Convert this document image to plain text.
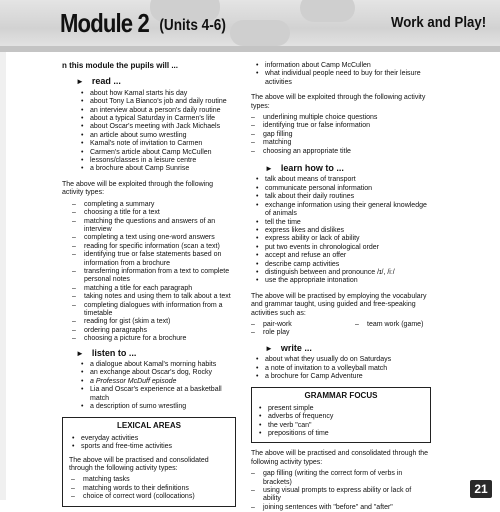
Module 2 (Units 4-6)	Work and Play!
n this module the pupils will ...
► read ...
• about how Kamal starts his day
• about Tony La Bianco's job and daily routine
• an interview about a person's daily routine
• about a typical Saturday in Carmen's life
• about Oscar's meeting with Jack Michaels
• an article about sumo wrestling
• Kamal's note of invitation to Carmen
• Carmen's article about Camp McCullen
• lessons/classes in a leisure centre
• a brochure about Camp Sunrise
The above will be exploited through the following activity types:
– completing a summary
– choosing a title for a text
– matching the questions and answers of an interview
– completing a text using one-word answers
– reading for specific information (scan a text)
– identifying true or false statements based on information from a brochure
– transferring information from a text to complete personal notes
– matching a title for each paragraph
– taking notes and using them to talk about a text
– completing dialogues with information from a timetable
– reading for gist (skim a text)
– ordering paragraphs
– choosing a picture for a brochure
► listen to ...
• a dialogue about Kamal's morning habits
• an exchange about Oscar's dog, Rocky
• a Professor McDuff episode
• Lia and Oscar's experience at a basketball match
• a description of sumo wrestling
LEXICAL AREAS
• everyday activities
• sports and free-time activities
The above will be practised and consolidated through the following activity types:
– matching tasks
– matching words to their definitions
– choice of correct word (collocations)
• information about Camp McCullen
• what individual people need to buy for their leisure activities
The above will be exploited through the following activity types:
– underlining multiple choice questions
– identifying true or false information
– gap filling
– matching
– choosing an appropriate title
► learn how to ...
• talk about means of transport
• communicate personal information
• talk about their daily routines
• exchange information using their general knowledge of animals
• tell the time
• express likes and dislikes
• express ability or lack of ability
• put two events in chronological order
• accept and refuse an offer
• describe camp activities
• distinguish between and pronounce /ɪ/, /iː/
• use the appropriate intonation
The above will be practised by employing the vocabulary and grammar taught, using guided and free-speaking activities such as:
– pair-work
– role play
– team work (game)
► write ...
• about what they usually do on Saturdays
• a note of invitation to a volleyball match
• a brochure for Camp Adventure
GRAMMAR FOCUS
• present simple
• adverbs of frequency
• the verb "can"
• prepositions of time
The above will be practised and consolidated through the following activity types:
– gap filling (writing the correct form of verbs in brackets)
– using visual prompts to express ability or lack of ability
– joining sentences with "before" and "after"
21
